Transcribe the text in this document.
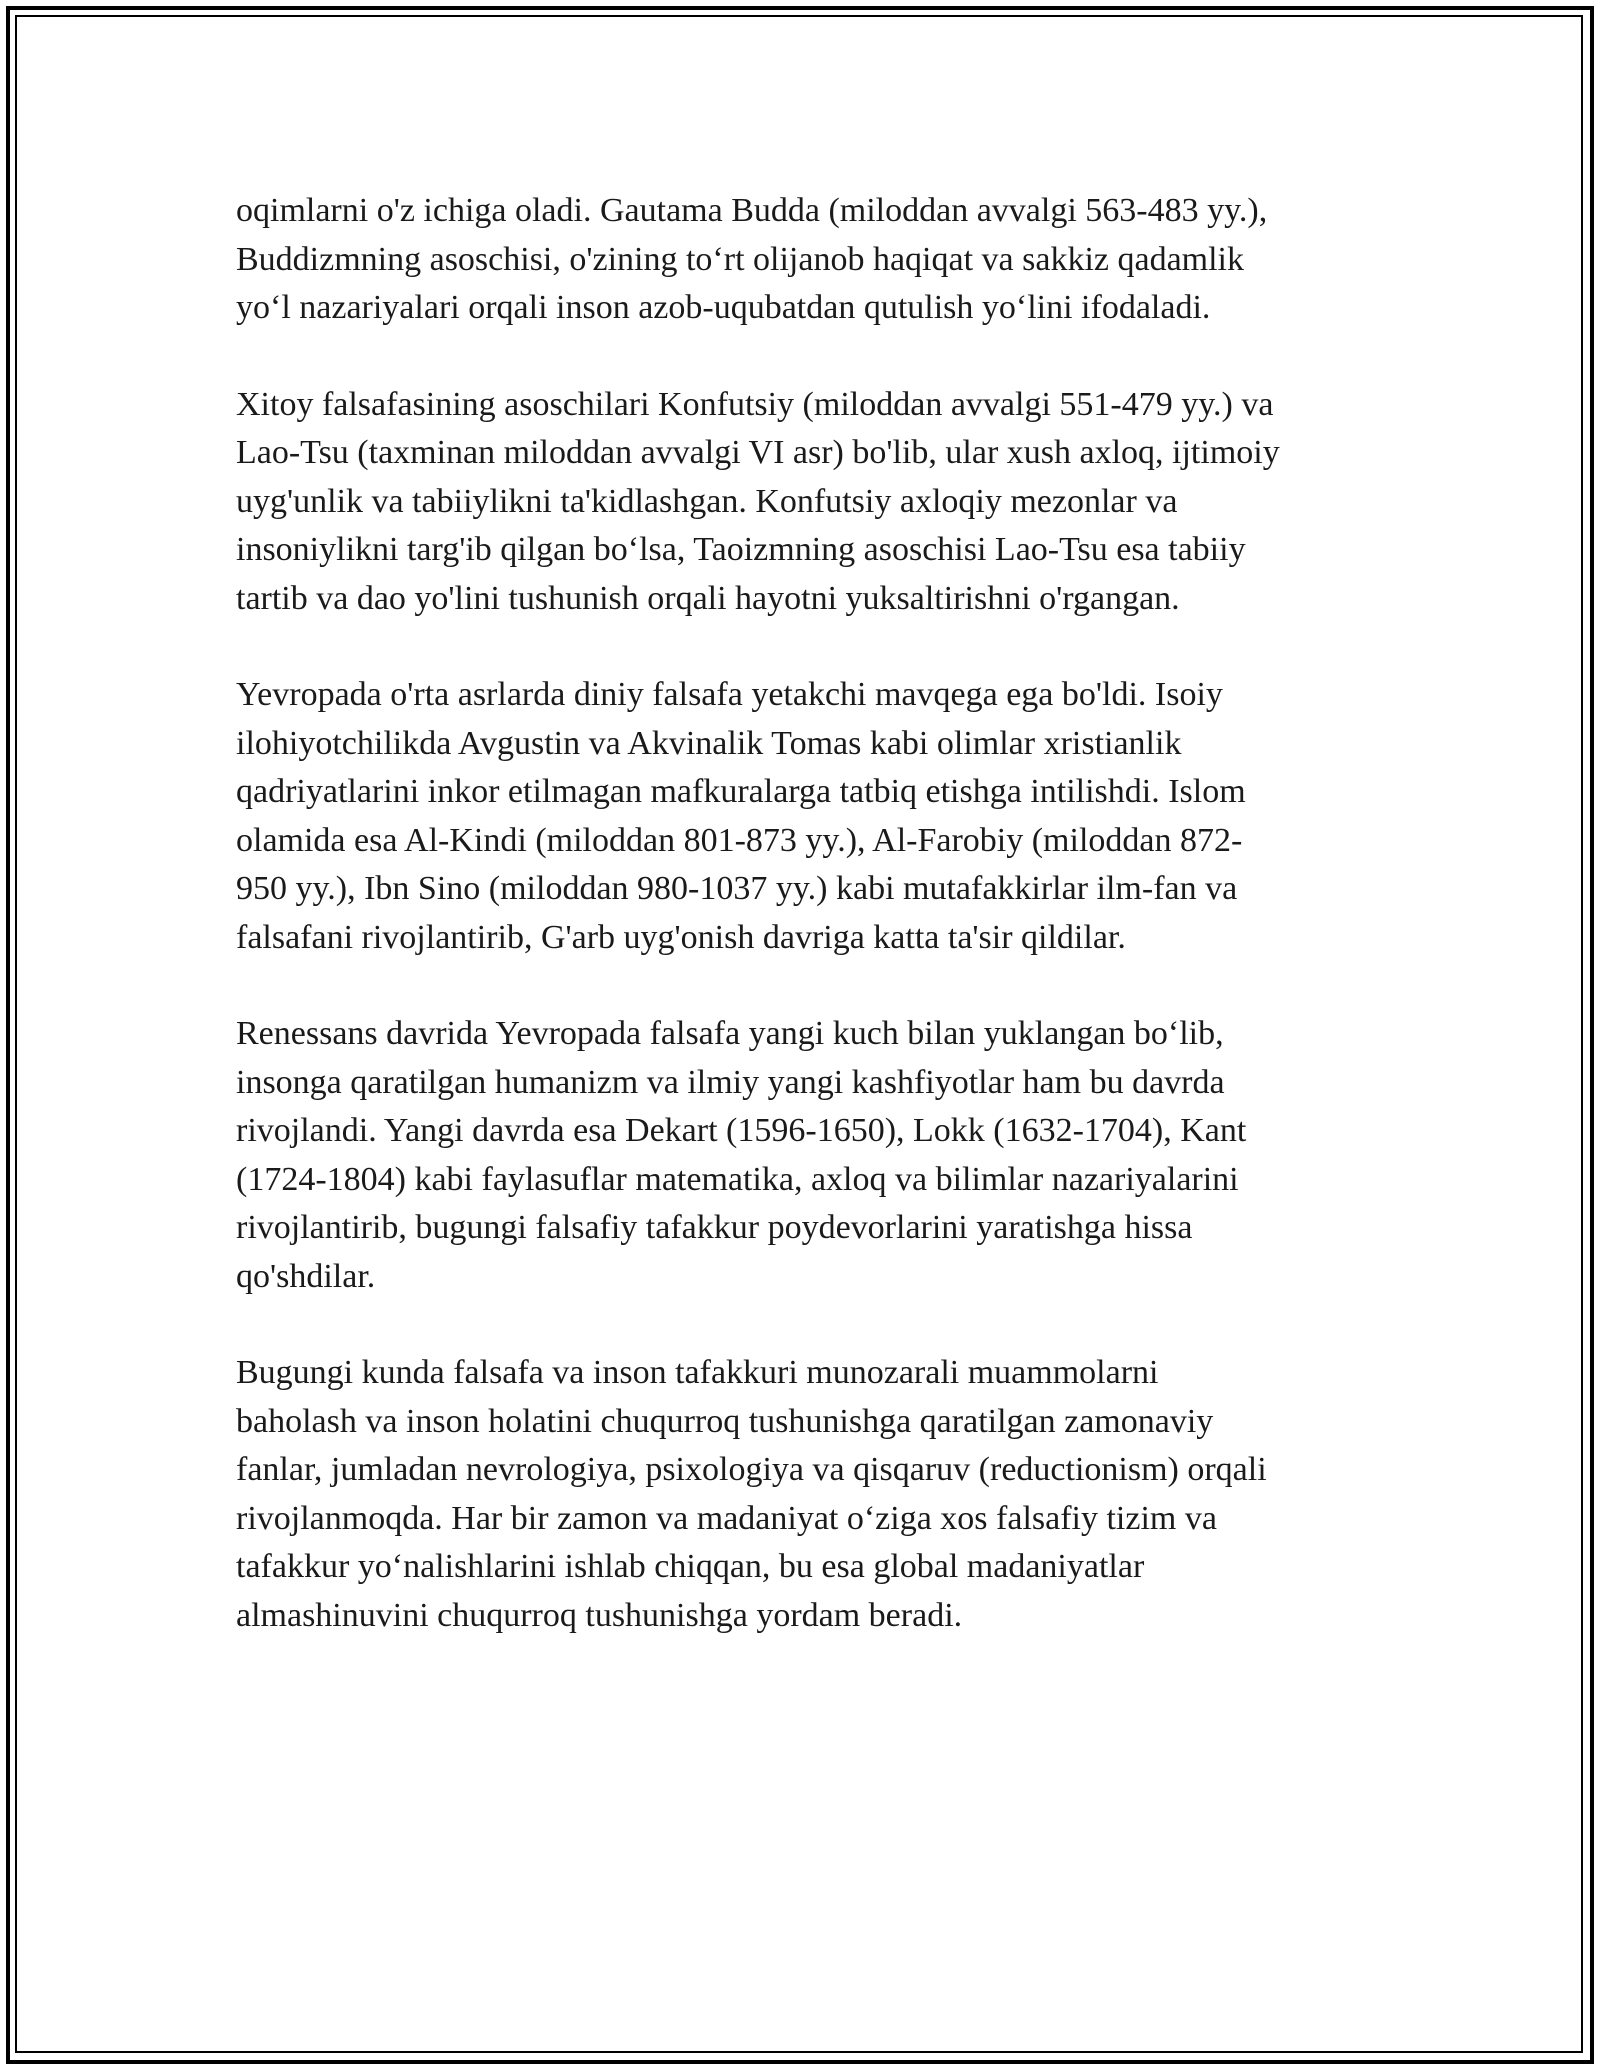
oqimlarni o'z ichiga oladi. Gautama Budda (miloddan avvalgi 563-483 yy.),
Buddizmning asoschisi, o'zining to‘rt olijanob haqiqat va sakkiz qadamlik
yo‘l nazariyalari orqali inson azob-uqubatdan qutulish yo‘lini ifodaladi.

Xitoy falsafasining asoschilari Konfutsiy (miloddan avvalgi 551-479 yy.) va
Lao-Tsu (taxminan miloddan avvalgi VI asr) bo'lib, ular xush axloq, ijtimoiy
uyg'unlik va tabiiylikni ta'kidlashgan. Konfutsiy axloqiy mezonlar va
insoniylikni targ'ib qilgan bo‘lsa, Taoizmning asoschisi Lao-Tsu esa tabiiy
tartib va dao yo'lini tushunish orqali hayotni yuksaltirishni o'rgangan.

Yevropada o'rta asrlarda diniy falsafa yetakchi mavqega ega bo'ldi. Isoiy
ilohiyotchilikda Avgustin va Akvinalik Tomas kabi olimlar xristianlik
qadriyatlarini inkor etilmagan mafkuralarga tatbiq etishga intilishdi. Islom
olamida esa Al-Kindi (miloddan 801-873 yy.), Al-Farobiy (miloddan 872-
950 yy.), Ibn Sino (miloddan 980-1037 yy.) kabi mutafakkirlar ilm-fan va
falsafani rivojlantirib, G'arb uyg'onish davriga katta ta'sir qildilar.

Renessans davrida Yevropada falsafa yangi kuch bilan yuklangan bo‘lib,
insonga qaratilgan humanizm va ilmiy yangi kashfiyotlar ham bu davrda
rivojlandi. Yangi davrda esa Dekart (1596-1650), Lokk (1632-1704), Kant
(1724-1804) kabi faylasuflar matematika, axloq va bilimlar nazariyalarini
rivojlantirib, bugungi falsafiy tafakkur poydevorlarini yaratishga hissa
qo'shdilar.

Bugungi kunda falsafa va inson tafakkuri munozarali muammolarni
baholash va inson holatini chuqurroq tushunishga qaratilgan zamonaviy
fanlar, jumladan nevrologiya, psixologiya va qisqaruv (reductionism) orqali
rivojlanmoqda. Har bir zamon va madaniyat o‘ziga xos falsafiy tizim va
tafakkur yo‘nalishlarini ishlab chiqqan, bu esa global madaniyatlar
almashinuvini chuqurroq tushunishga yordam beradi.
